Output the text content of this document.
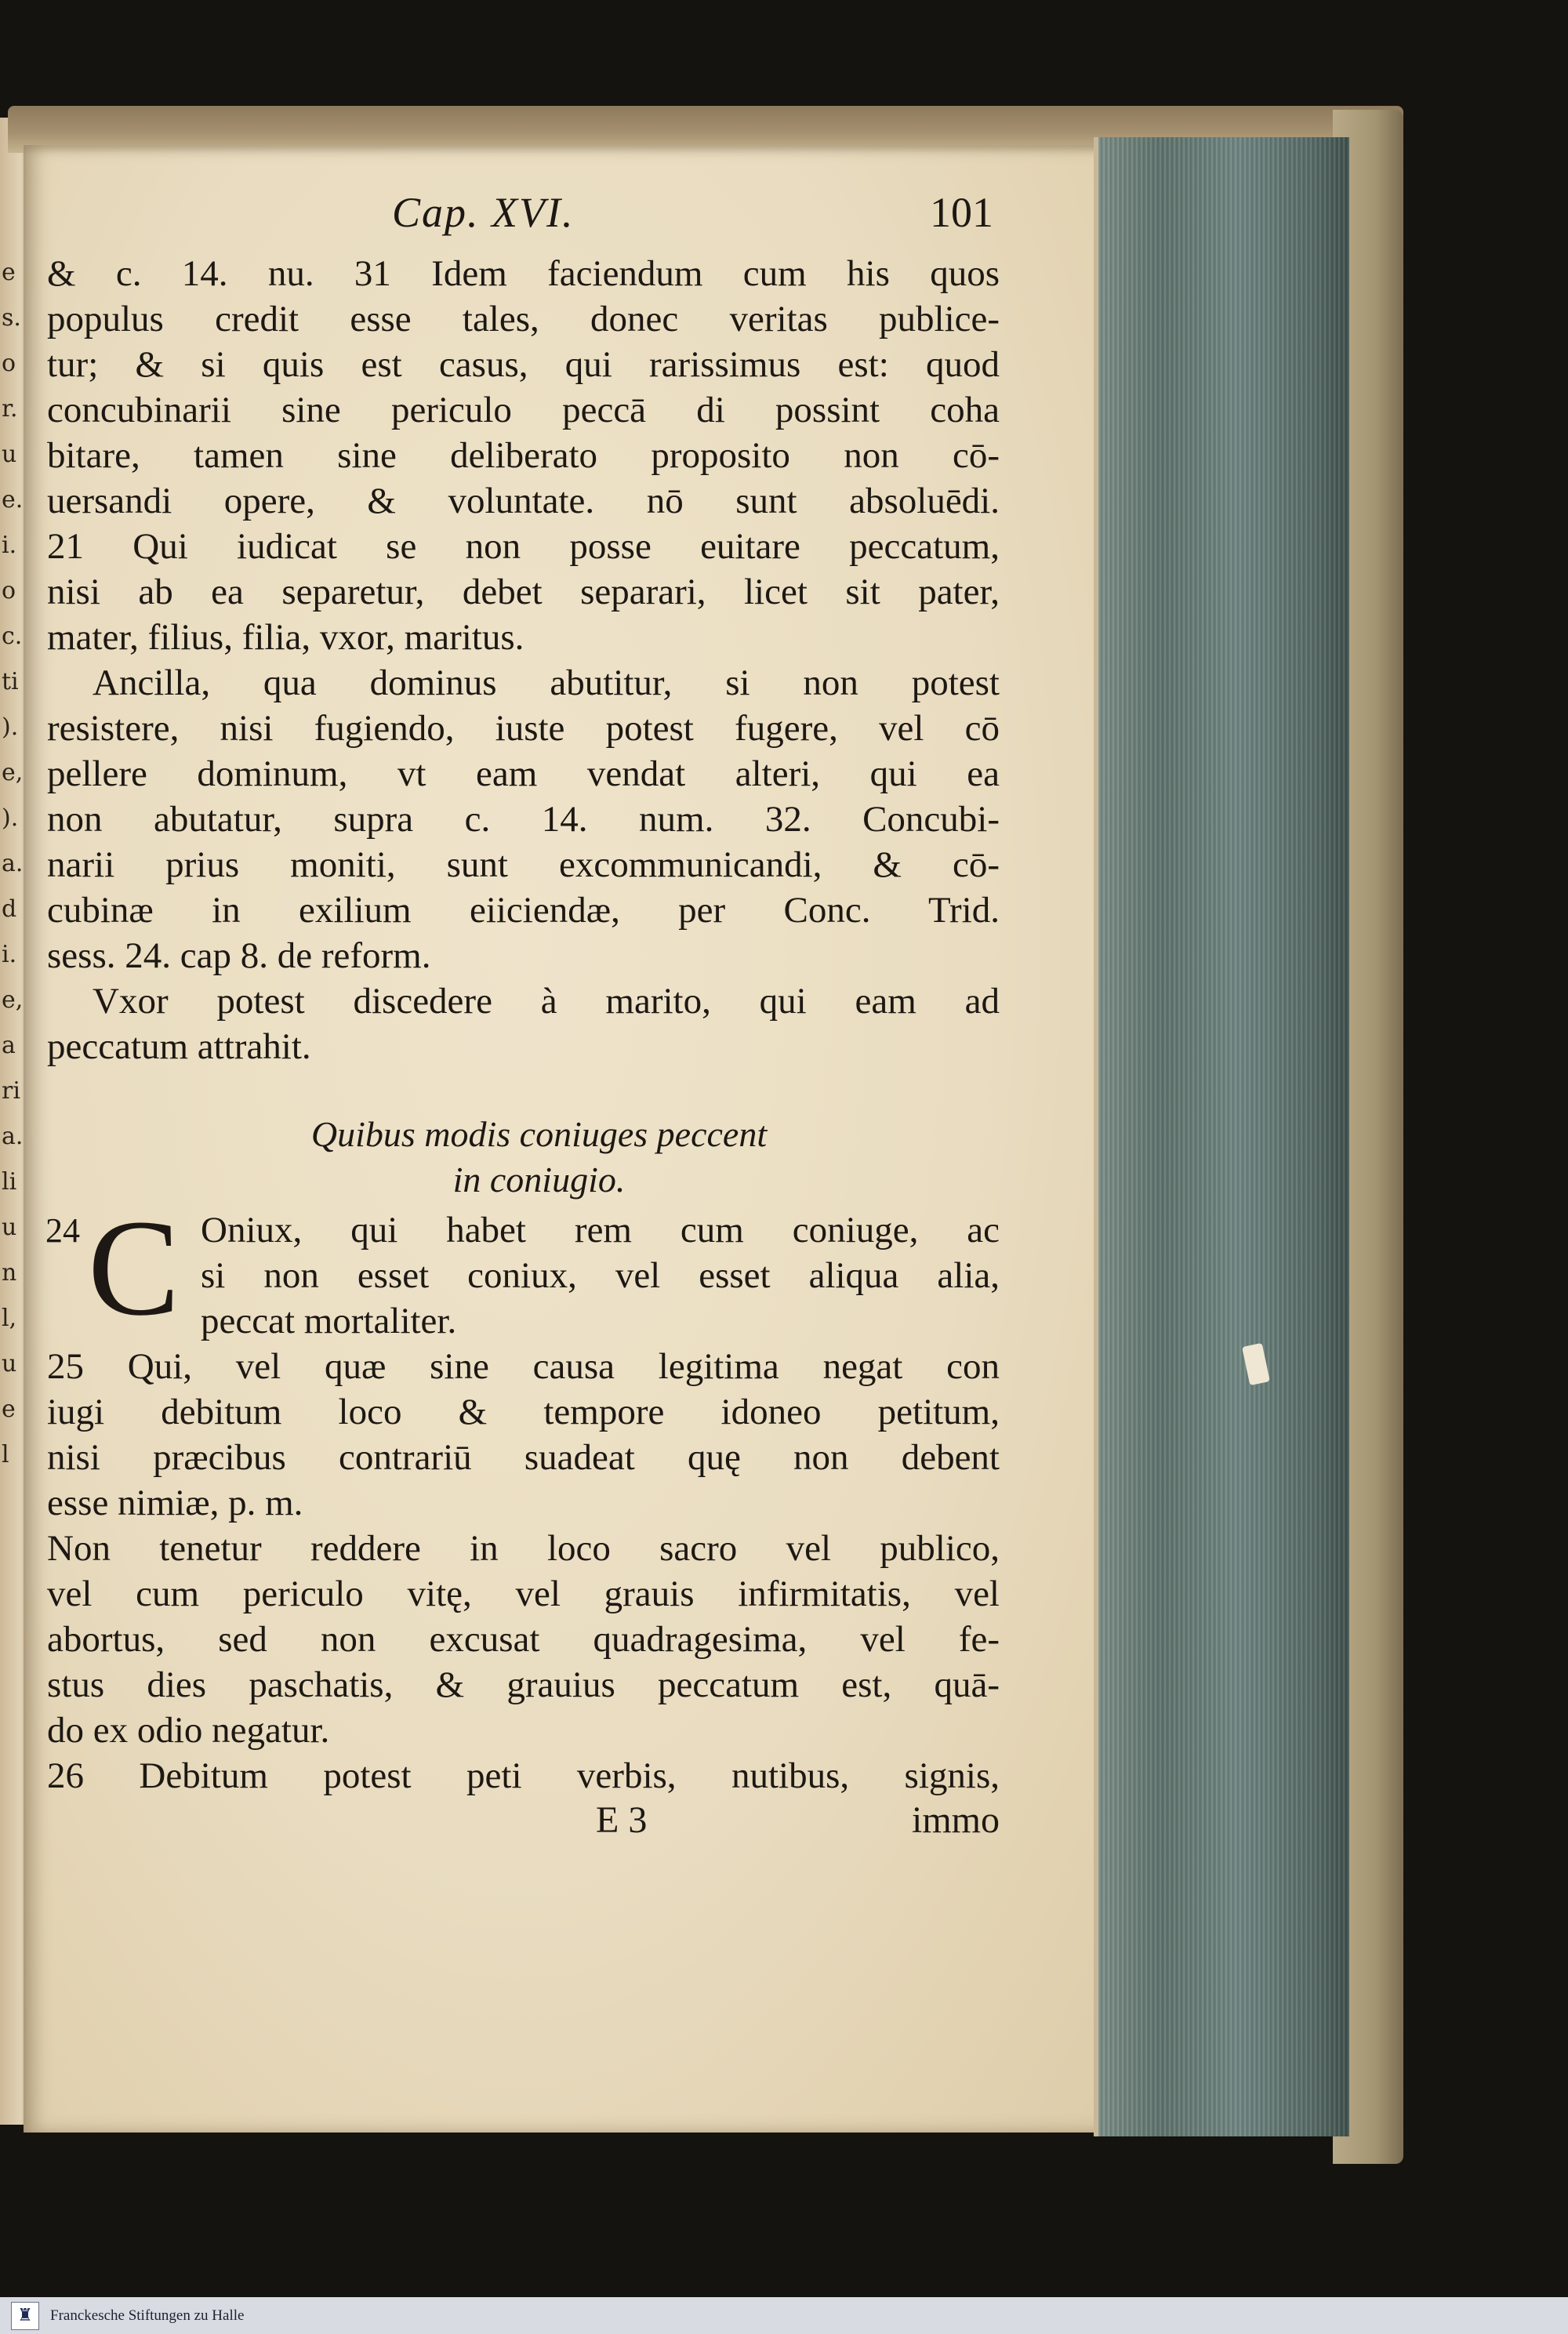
e
s.
o
r.
u
e.
i.
o
c.
ti
).
e,
).
a.
d
i.
e,
a
ri
a.
li
u
n
l,
u
e
l
Cap. XVI.	101
& c. 14. nu. 31 Idem faciendum cum his quos
populus credit esse tales, donec veritas publice-
tur; & si quis est casus, qui rarissimus est: quod
concubinarii sine periculo peccā di possint coha
bitare, tamen sine deliberato proposito non cō-
uersandi opere, & voluntate. nō sunt absoluēdi.
21 Qui iudicat se non posse euitare peccatum,
nisi ab ea separetur, debet separari, licet sit pater,
mater, filius, filia, vxor, maritus.
Ancilla, qua dominus abutitur, si non potest
resistere, nisi fugiendo, iuste potest fugere, vel cō
pellere dominum, vt eam vendat alteri, qui ea
non abutatur, supra c. 14. num. 32. Concubi-
narii prius moniti, sunt excommunicandi, & cō-
cubinæ in exilium eiiciendæ, per Conc. Trid.
sess. 24. cap 8. de reform.
Vxor potest discedere à marito, qui eam ad
peccatum attrahit.
Quibus modis coniuges peccent
in coniugio.
24 C Oniux, qui habet rem cum coniuge, ac
si non esset coniux, vel esset aliqua alia,
peccat mortaliter.
25 Qui, vel quæ sine causa legitima negat con
iugi debitum loco & tempore idoneo petitum,
nisi præcibus contrariū suadeat quę non debent
esse nimiæ, p. m.
Non tenetur reddere in loco sacro vel publico,
vel cum periculo vitę, vel grauis infirmitatis, vel
abortus, sed non excusat quadragesima, vel fe-
stus dies paschatis, & grauius peccatum est, quā-
do ex odio negatur.
26 Debitum potest peti verbis, nutibus, signis,
E 3	immo
♜ Franckesche Stiftungen zu Halle
